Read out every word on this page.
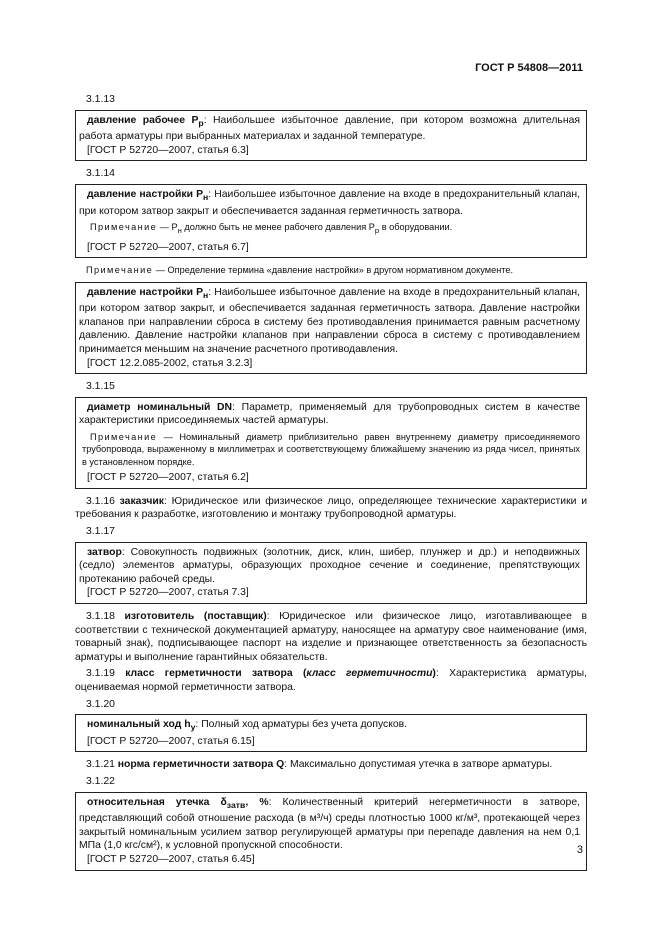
ГОСТ Р 54808—2011

3.1.13

давление рабочее $P_р$: Наибольшее избыточное давление, при котором возможна длительная работа арматуры при выбранных материалах и заданной температуре.

[ГОСТ Р 52720—2007, статья 6.3]

3.1.14

давление настройки $P_н$: Наибольшее избыточное давление на входе в предохранительный клапан, при котором затвор закрыт и обеспечивается заданная герметичность затвора.

Примечание — $P_н$ должно быть не менее рабочего давления $P_р$ в оборудовании.

[ГОСТ Р 52720—2007, статья 6.7]

Примечание — Определение термина «давление настройки» в другом нормативном документе.

давление настройки $P_н$: Наибольшее избыточное давление на входе в предохранительный клапан, при котором затвор закрыт, и обеспечивается заданная герметичность затвора. Давление настройки клапанов при направлении сброса в систему без противодавления принимается равным расчетному давлению. Давление настройки клапанов при направлении сброса в систему с противодавлением принимается меньшим на значение расчетного противодавления.

[ГОСТ 12.2.085-2002, статья 3.2.3]

3.1.15

диаметр номинальный DN: Параметр, применяемый для трубопроводных систем в качестве характеристики присоединяемых частей арматуры.

Примечание — Номинальный диаметр приблизительно равен внутреннему диаметру присоединяемого трубопровода, выраженному в миллиметрах и соответствующему ближайшему значению из ряда чисел, принятых в установленном порядке.

[ГОСТ Р 52720—2007, статья 6.2]

3.1.16 заказчик: Юридическое или физическое лицо, определяющее технические характеристики и требования к разработке, изготовлению и монтажу трубопроводной арматуры.

3.1.17

затвор: Совокупность подвижных (золотник, диск, клин, шибер, плунжер и др.) и неподвижных (седло) элементов арматуры, образующих проходное сечение и соединение, препятствующих протеканию рабочей среды.

[ГОСТ Р 52720—2007, статья 7.3]

3.1.18 изготовитель (поставщик): Юридическое или физическое лицо, изготавливающее в соответствии с технической документацией арматуру, наносящее на арматуру свое наименование (имя, товарный знак), подписывающее паспорт на изделие и признающее ответственность за безопасность арматуры и выполнение гарантийных обязательств.

3.1.19 класс герметичности затвора (класс герметичности): Характеристика арматуры, оцениваемая нормой герметичности затвора.

3.1.20

номинальный ход $h_у$: Полный ход арматуры без учета допусков.

[ГОСТ Р 52720—2007, статья 6.15]

3.1.21 норма герметичности затвора Q: Максимально допустимая утечка в затворе арматуры.

3.1.22

относительная утечка $\delta_{затв}$, %: Количественный критерий негерметичности в затворе, представляющий собой отношение расхода (в м³/ч) среды плотностью 1000 кг/м³, протекающей через закрытый номинальным усилием затвор регулирующей арматуры при перепаде давления на нем 0,1 МПа (1,0 кгс/см²), к условной пропускной способности.

[ГОСТ Р 52720—2007, статья 6.45]

3
